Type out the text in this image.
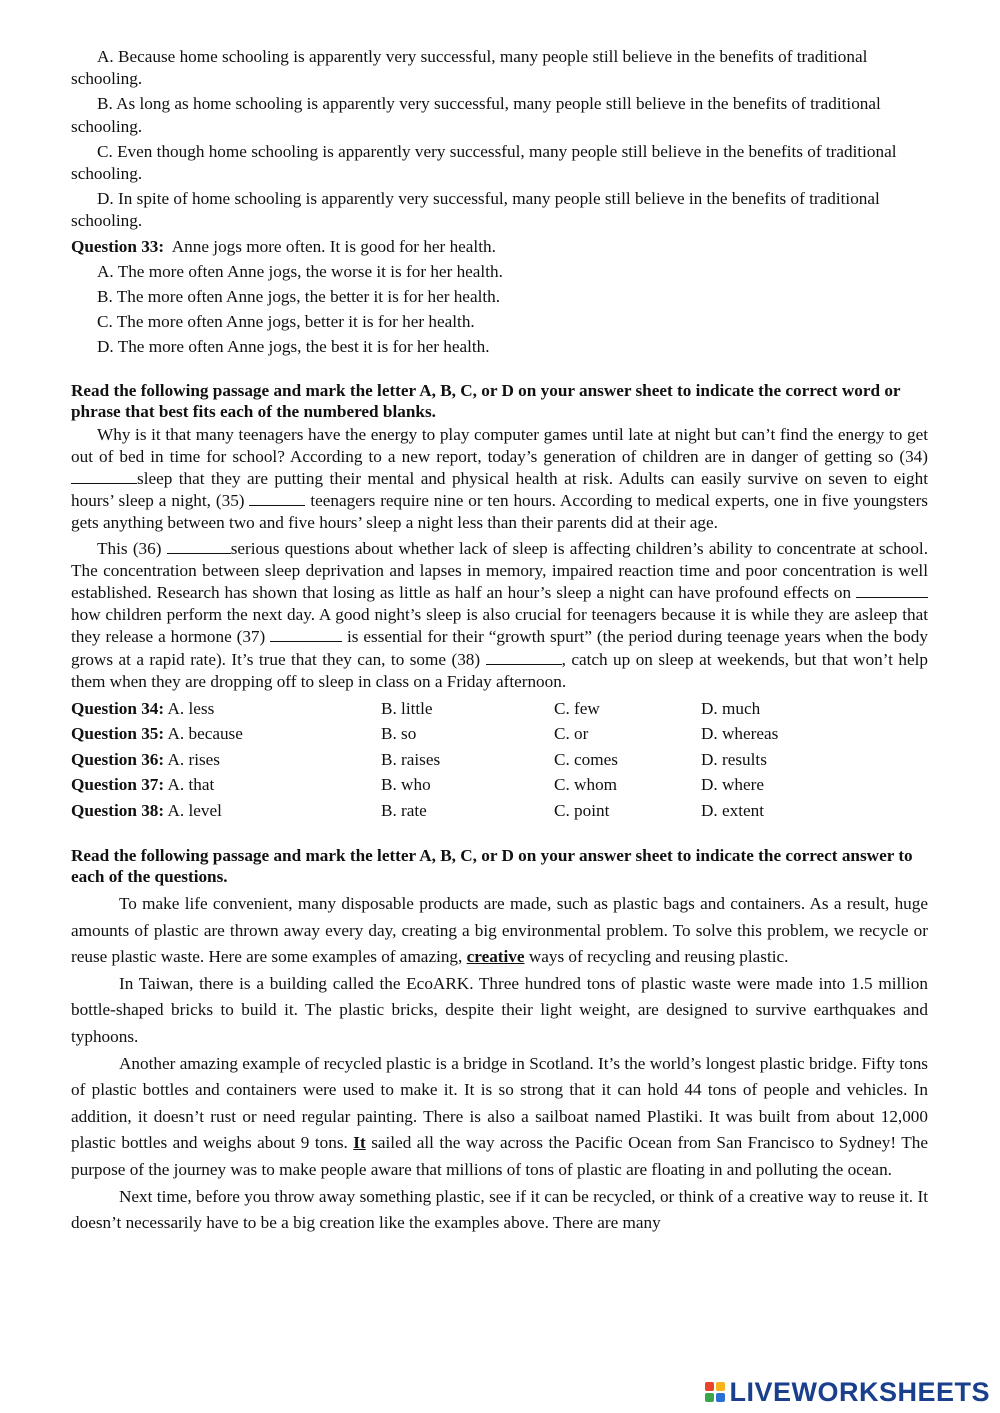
A. Because home schooling is apparently very successful, many people still believe in the benefits of traditional schooling.

B. As long as home schooling is apparently very successful, many people still believe in the benefits of traditional schooling.

C. Even though home schooling is apparently very successful, many people still believe in the benefits of traditional schooling.

D. In spite of home schooling is apparently very successful, many people still believe in the benefits of traditional schooling.

Question 33: Anne jogs more often. It is good for her health.

A. The more often Anne jogs, the worse it is for her health.

B. The more often Anne jogs, the better it is for her health.

C. The more often Anne jogs, better it is for her health.

D. The more often Anne jogs, the best it is for her health.

Read the following passage and mark the letter A, B, C, or D on your answer sheet to indicate the correct word or phrase that best fits each of the numbered blanks.

Why is it that many teenagers have the energy to play computer games until late at night but can’t find the energy to get out of bed in time for school? According to a new report, today’s generation of children are in danger of getting so (34) sleep that they are putting their mental and physical health at risk. Adults can easily survive on seven to eight hours’ sleep a night, (35)	teenagers require nine or ten hours. According to medical experts, one in five youngsters gets anything between two and five hours’ sleep a night less than their parents did at their age.

This (36)	serious questions about whether lack of sleep is affecting children’s ability to concentrate at school. The concentration between sleep deprivation and lapses in memory, impaired reaction time and poor concentration is well established. Research has shown that losing as little as half an hour’s sleep a night can have profound effects on  how children perform the next day. A good night’s sleep is also crucial for teenagers because it is while they are asleep that they release a hormone (37)	is essential for their “growth spurt” (the period during teenage years when the body grows at a rapid rate). It’s true that they can, to some (38)	, catch up on sleep at weekends, but that won’t help them when they are dropping off to sleep in class on a Friday afternoon.

Question 34: A. less	B. little	C. few	D. much
Question 35: A. because	B. so	C. or	D. whereas
Question 36: A. rises	B. raises	C. comes	D. results
Question 37: A. that	B. who	C. whom	D. where
Question 38: A. level	B. rate	C. point	D. extent

Read the following passage and mark the letter A, B, C, or D on your answer sheet to indicate the correct answer to each of the questions.

To make life convenient, many disposable products are made, such as plastic bags and containers. As a result, huge amounts of plastic are thrown away every day, creating a big environmental problem. To solve this problem, we recycle or reuse plastic waste. Here are some examples of amazing, creative ways of recycling and reusing plastic.

In Taiwan, there is a building called the EcoARK. Three hundred tons of plastic waste were made into 1.5 million bottle-shaped bricks to build it. The plastic bricks, despite their light weight, are designed to survive earthquakes and typhoons.

Another amazing example of recycled plastic is a bridge in Scotland. It’s the world’s longest plastic bridge. Fifty tons of plastic bottles and containers were used to make it. It is so strong that it can hold 44 tons of people and vehicles. In addition, it doesn’t rust or need regular painting. There is also a sailboat named Plastiki. It was built from about 12,000 plastic bottles and weighs about 9 tons. It sailed all the way across the Pacific Ocean from San Francisco to Sydney! The purpose of the journey was to make people aware that millions of tons of plastic are floating in and polluting the ocean.

Next time, before you throw away something plastic, see if it can be recycled, or think of a creative way to reuse it. It doesn’t necessarily have to be a big creation like the examples above. There are many

LIVEWORKSHEETS
